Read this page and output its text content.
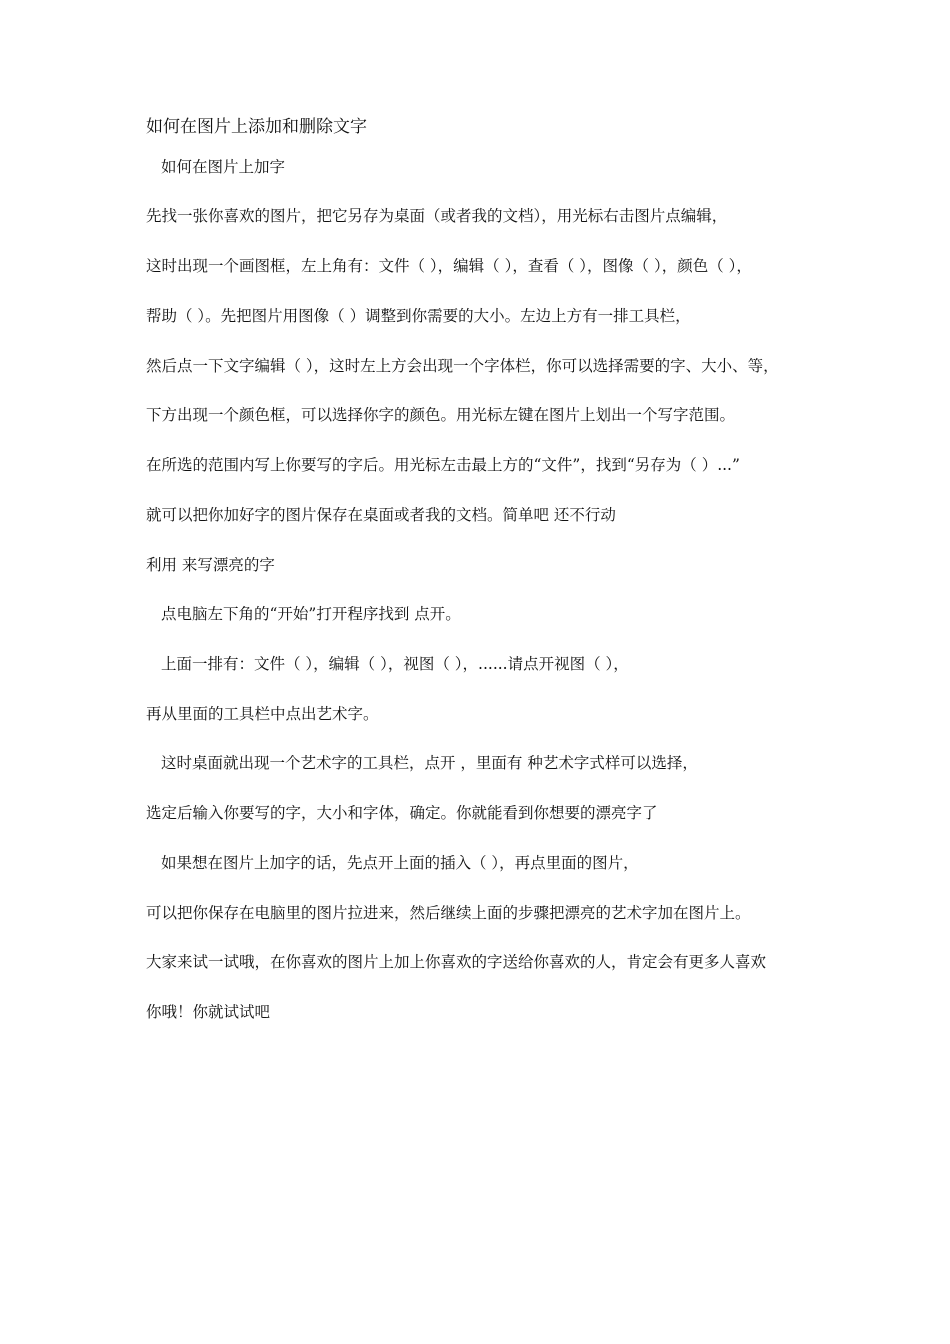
如何在图片上添加和删除文字
如何在图片上加字
先找一张你喜欢的图片，把它另存为桌面（或者我的文档），用光标右击图片点编辑，
这时出现一个画图框，左上角有：文件（ ），编辑（ ），查看（ ），图像（ ），颜色（ ），
帮助（ ）。先把图片用图像（ ）调整到你需要的大小。左边上方有一排工具栏，
然后点一下文字编辑（ ），这时左上方会出现一个字体栏，你可以选择需要的字、大小、等，
下方出现一个颜色框，可以选择你字的颜色。用光标左键在图片上划出一个写字范围。
在所选的范围内写上你要写的字后。用光标左击最上方的“文件”，找到“另存为（ ）...”
就可以把你加好字的图片保存在桌面或者我的文档。简单吧 还不行动
利用 来写漂亮的字
点电脑左下角的“开始”打开程序找到 点开。
上面一排有：文件（ ），编辑（ ），视图（ ），......请点开视图（ ），
再从里面的工具栏中点出艺术字。
这时桌面就出现一个艺术字的工具栏，点开 ，里面有 种艺术字式样可以选择，
选定后输入你要写的字，大小和字体，确定。你就能看到你想要的漂亮字了
如果想在图片上加字的话，先点开上面的插入（ ），再点里面的图片，
可以把你保存在电脑里的图片拉进来，然后继续上面的步骤把漂亮的艺术字加在图片上。
大家来试一试哦，在你喜欢的图片上加上你喜欢的字送给你喜欢的人，肯定会有更多人喜欢
你哦！你就试试吧
